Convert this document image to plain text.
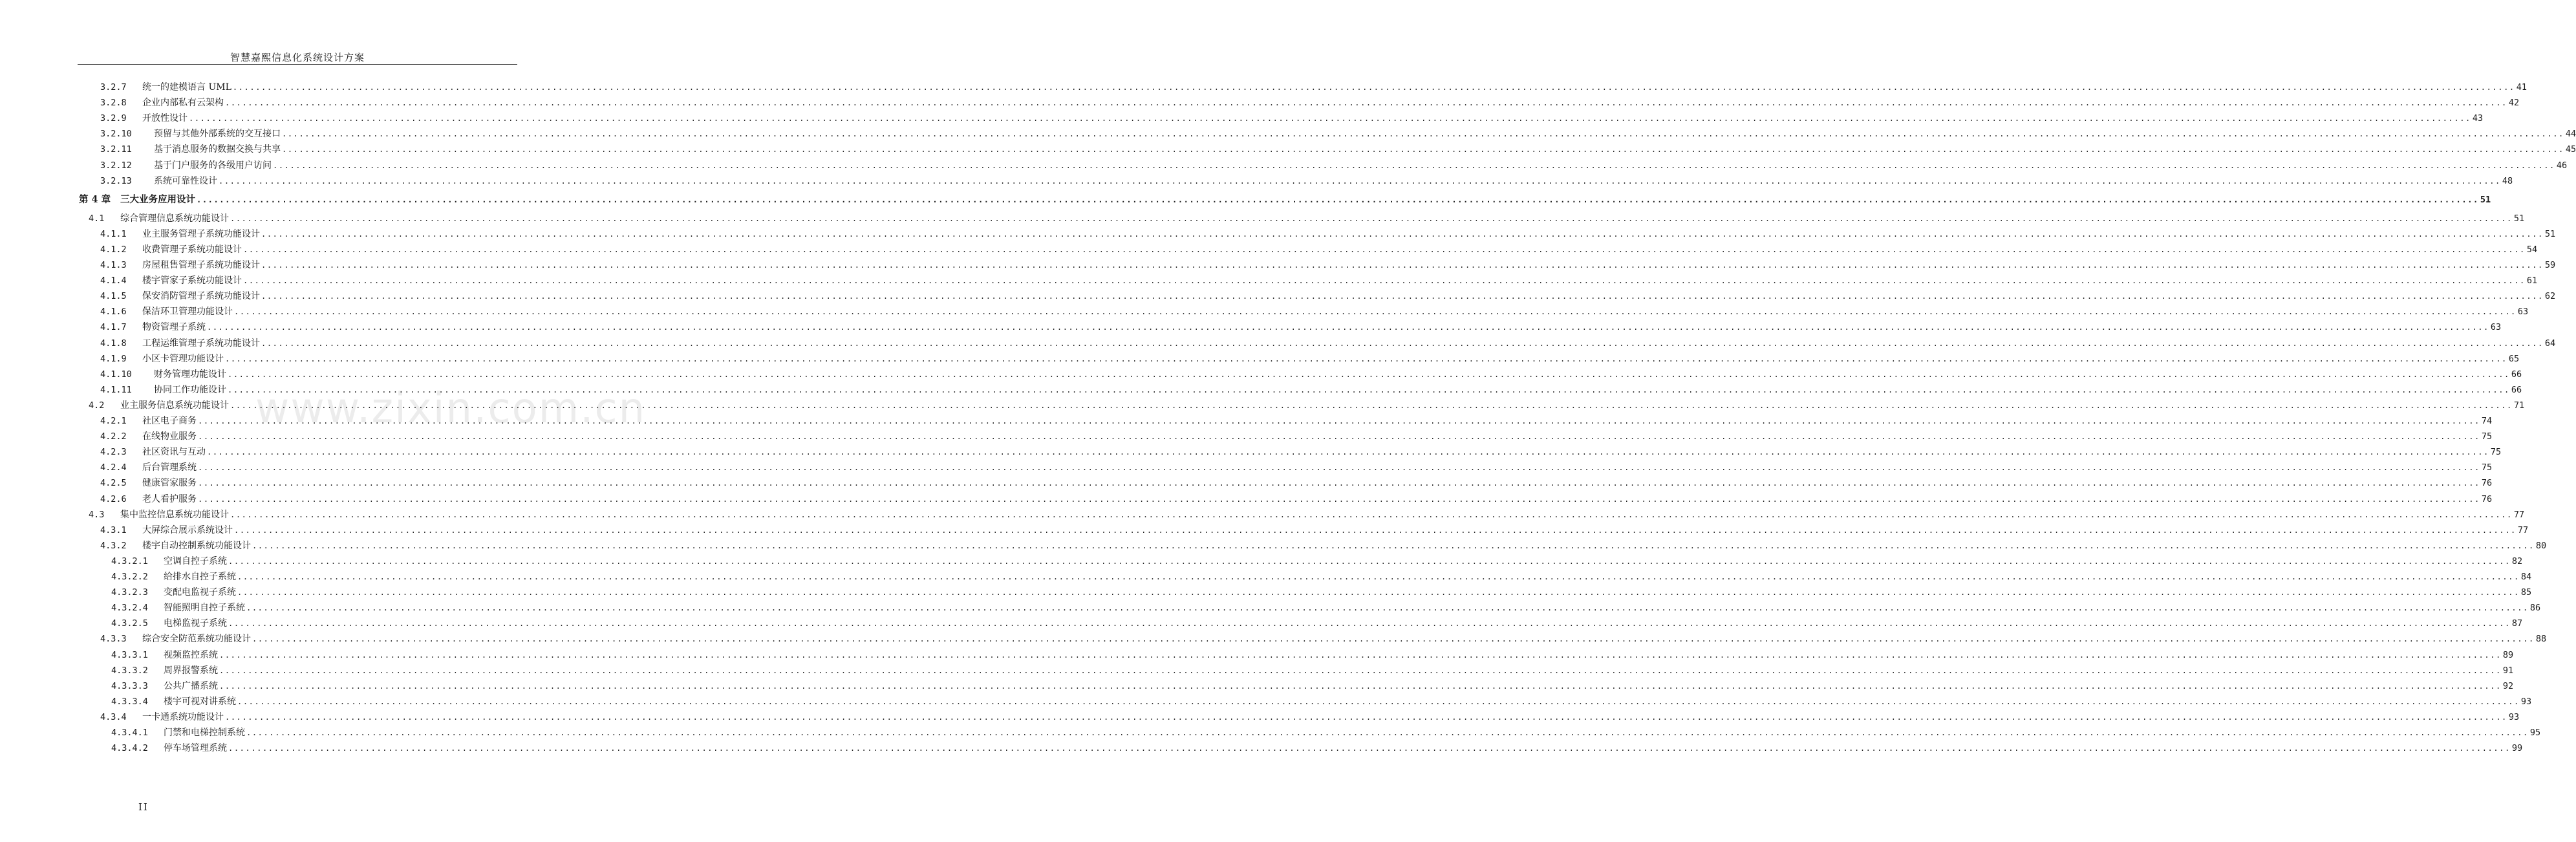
智慧嘉熙信息化系统设计方案
www.zixin.com.cn
3.2.7 统一的建模语言 UML ................................................................................................................................................................................................................................................................................................................................................................................................................ 41
3.2.8 企业内部私有云架构 ................................................................................................................................................................................................................................................................................................................................................................................................................ 42
3.2.9 开放性设计 ................................................................................................................................................................................................................................................................................................................................................................................................................ 43
3.2.10 预留与其他外部系统的交互接口 ................................................................................................................................................................................................................................................................................................................................................................................................................ 44
3.2.11 基于消息服务的数据交换与共享 ................................................................................................................................................................................................................................................................................................................................................................................................................ 45
3.2.12 基于门户服务的各级用户访问 ................................................................................................................................................................................................................................................................................................................................................................................................................ 46
3.2.13 系统可靠性设计 ................................................................................................................................................................................................................................................................................................................................................................................................................ 48
第 4 章 三大业务应用设计 ................................................................................................................................................................................................................................................................................................................................................................................................................ 51
4.1 综合管理信息系统功能设计 ................................................................................................................................................................................................................................................................................................................................................................................................................ 51
4.1.1 业主服务管理子系统功能设计 ................................................................................................................................................................................................................................................................................................................................................................................................................ 51
4.1.2 收费管理子系统功能设计 ................................................................................................................................................................................................................................................................................................................................................................................................................ 54
4.1.3 房屋租售管理子系统功能设计 ................................................................................................................................................................................................................................................................................................................................................................................................................ 59
4.1.4 楼宇管家子系统功能设计 ................................................................................................................................................................................................................................................................................................................................................................................................................ 61
4.1.5 保安消防管理子系统功能设计 ................................................................................................................................................................................................................................................................................................................................................................................................................ 62
4.1.6 保洁环卫管理功能设计 ................................................................................................................................................................................................................................................................................................................................................................................................................ 63
4.1.7 物资管理子系统 ................................................................................................................................................................................................................................................................................................................................................................................................................ 63
4.1.8 工程运维管理子系统功能设计 ................................................................................................................................................................................................................................................................................................................................................................................................................ 64
4.1.9 小区卡管理功能设计 ................................................................................................................................................................................................................................................................................................................................................................................................................ 65
4.1.10 财务管理功能设计 ................................................................................................................................................................................................................................................................................................................................................................................................................ 66
4.1.11 协同工作功能设计 ................................................................................................................................................................................................................................................................................................................................................................................................................ 66
4.2 业主服务信息系统功能设计 ................................................................................................................................................................................................................................................................................................................................................................................................................ 71
4.2.1 社区电子商务 ................................................................................................................................................................................................................................................................................................................................................................................................................ 74
4.2.2 在线物业服务 ................................................................................................................................................................................................................................................................................................................................................................................................................ 75
4.2.3 社区资讯与互动 ................................................................................................................................................................................................................................................................................................................................................................................................................ 75
4.2.4 后台管理系统 ................................................................................................................................................................................................................................................................................................................................................................................................................ 75
4.2.5 健康管家服务 ................................................................................................................................................................................................................................................................................................................................................................................................................ 76
4.2.6 老人看护服务 ................................................................................................................................................................................................................................................................................................................................................................................................................ 76
4.3 集中监控信息系统功能设计 ................................................................................................................................................................................................................................................................................................................................................................................................................ 77
4.3.1 大屏综合展示系统设计 ................................................................................................................................................................................................................................................................................................................................................................................................................ 77
4.3.2 楼宇自动控制系统功能设计 ................................................................................................................................................................................................................................................................................................................................................................................................................ 80
4.3.2.1 空调自控子系统 ................................................................................................................................................................................................................................................................................................................................................................................................................ 82
4.3.2.2 给排水自控子系统 ................................................................................................................................................................................................................................................................................................................................................................................................................ 84
4.3.2.3 变配电监视子系统 ................................................................................................................................................................................................................................................................................................................................................................................................................ 85
4.3.2.4 智能照明自控子系统 ................................................................................................................................................................................................................................................................................................................................................................................................................ 86
4.3.2.5 电梯监视子系统 ................................................................................................................................................................................................................................................................................................................................................................................................................ 87
4.3.3 综合安全防范系统功能设计 ................................................................................................................................................................................................................................................................................................................................................................................................................ 88
4.3.3.1 视频监控系统 ................................................................................................................................................................................................................................................................................................................................................................................................................ 89
4.3.3.2 周界报警系统 ................................................................................................................................................................................................................................................................................................................................................................................................................ 91
4.3.3.3 公共广播系统 ................................................................................................................................................................................................................................................................................................................................................................................................................ 92
4.3.3.4 楼宇可视对讲系统 ................................................................................................................................................................................................................................................................................................................................................................................................................ 93
4.3.4 一卡通系统功能设计 ................................................................................................................................................................................................................................................................................................................................................................................................................ 93
4.3.4.1 门禁和电梯控制系统 ................................................................................................................................................................................................................................................................................................................................................................................................................ 95
4.3.4.2 停车场管理系统 ................................................................................................................................................................................................................................................................................................................................................................................................................ 99
II
